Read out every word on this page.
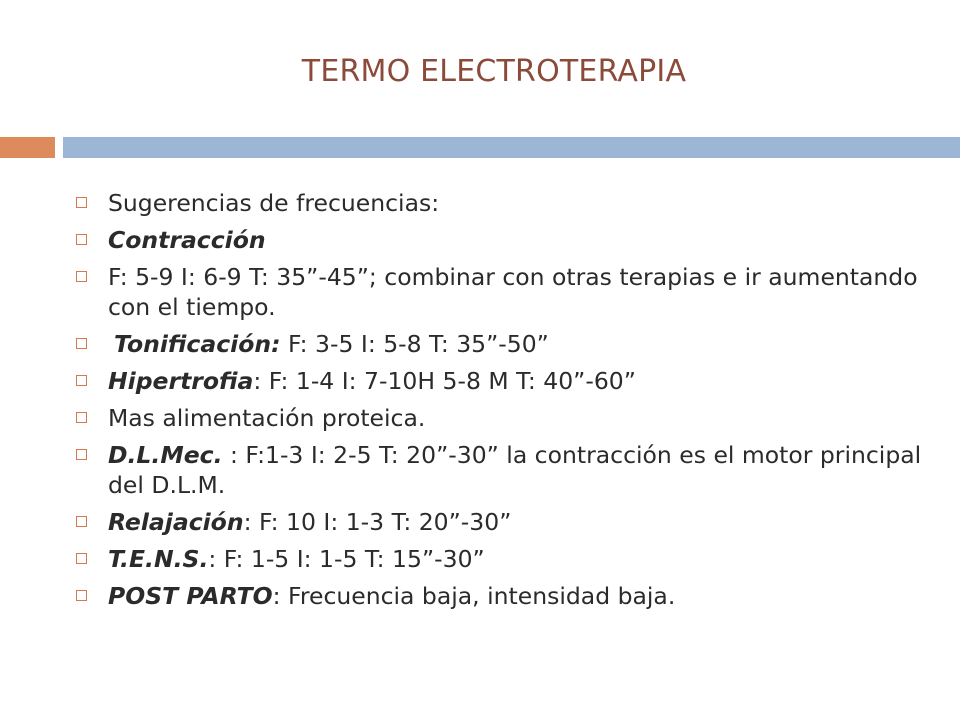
TERMO ELECTROTERAPIA
Sugerencias de frecuencias:
Contracción
F: 5-9 I: 6-9 T: 35”-45”; combinar con otras terapias e ir aumentando con el tiempo.
Tonificación: F: 3-5 I: 5-8 T: 35”-50”
Hipertrofia: F: 1-4 I: 7-10H 5-8 M T: 40”-60”
Mas alimentación proteica.
D.L.Mec. : F:1-3 I: 2-5 T: 20”-30” la contracción es el motor principal del D.L.M.
Relajación: F: 10 I: 1-3 T: 20”-30”
T.E.N.S.: F: 1-5 I: 1-5 T: 15”-30”
POST PARTO: Frecuencia baja, intensidad baja.
